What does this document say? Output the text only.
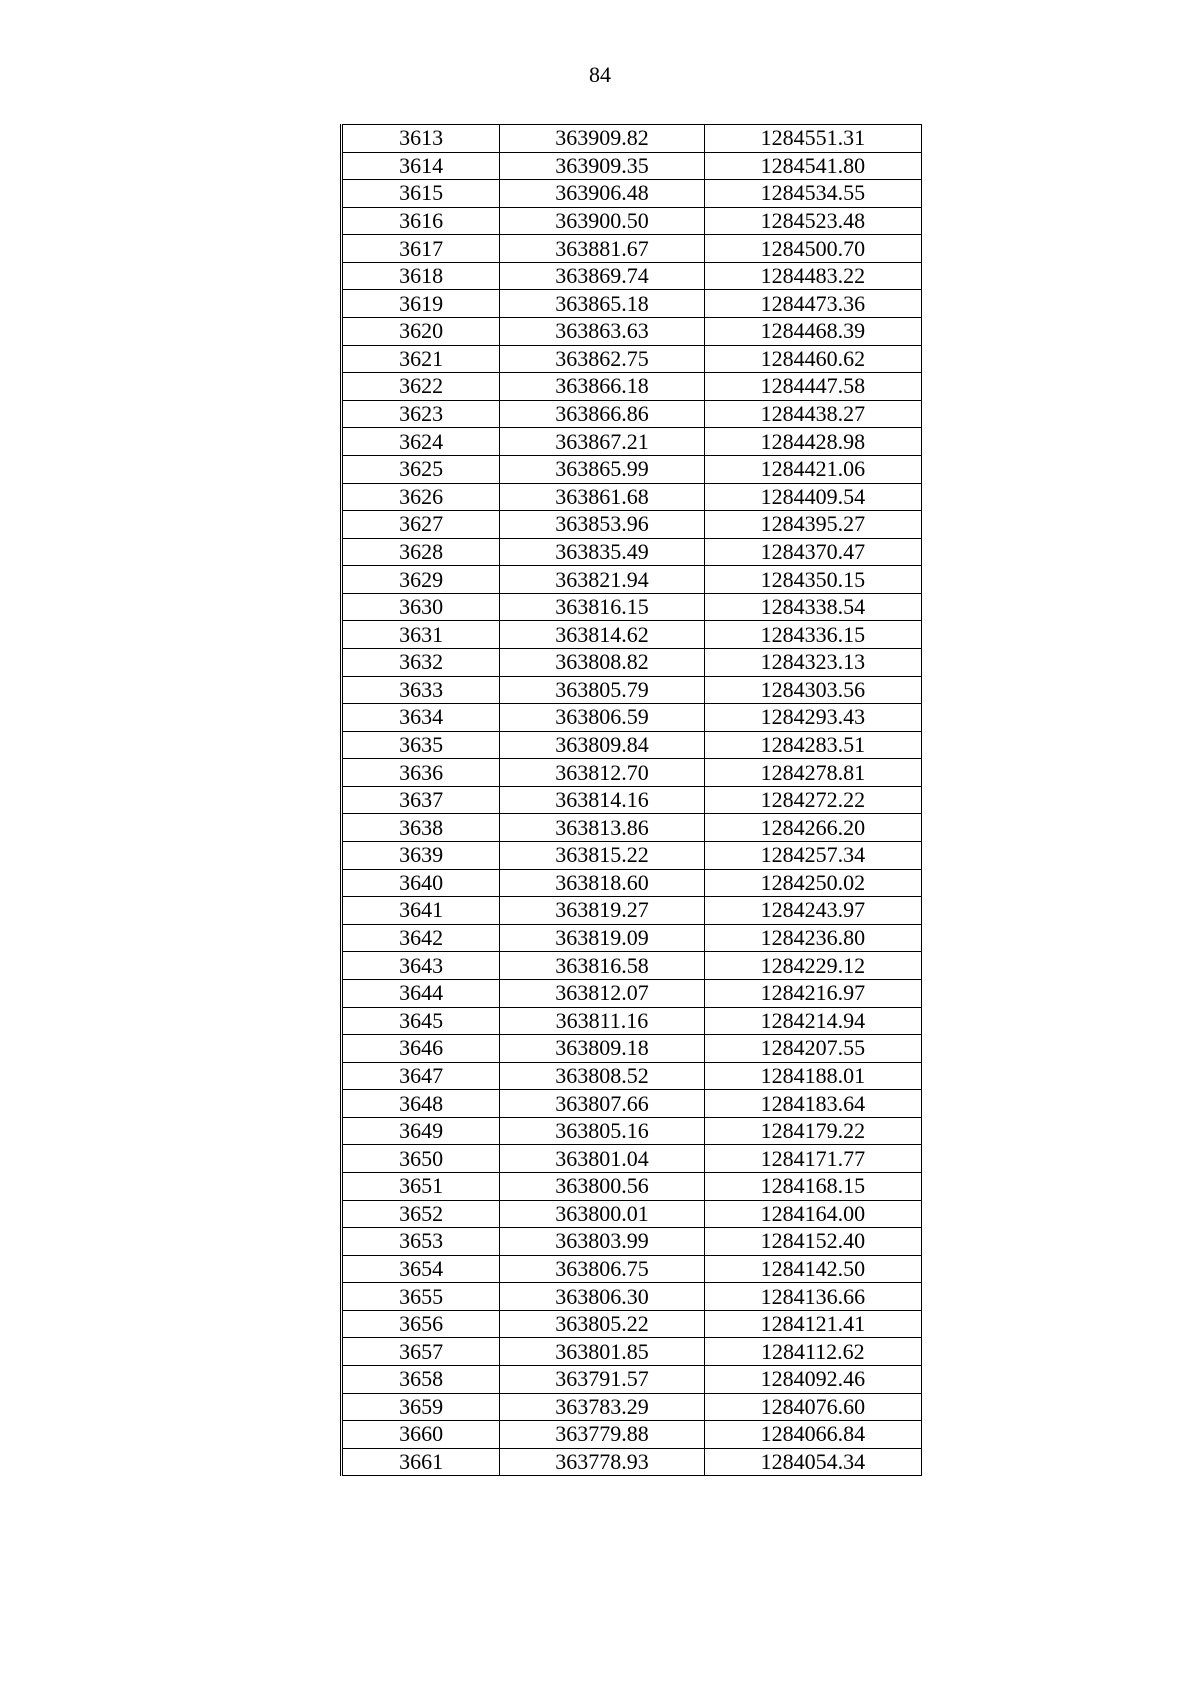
84
3613	363909.82	1284551.31
3614	363909.35	1284541.80
3615	363906.48	1284534.55
3616	363900.50	1284523.48
3617	363881.67	1284500.70
3618	363869.74	1284483.22
3619	363865.18	1284473.36
3620	363863.63	1284468.39
3621	363862.75	1284460.62
3622	363866.18	1284447.58
3623	363866.86	1284438.27
3624	363867.21	1284428.98
3625	363865.99	1284421.06
3626	363861.68	1284409.54
3627	363853.96	1284395.27
3628	363835.49	1284370.47
3629	363821.94	1284350.15
3630	363816.15	1284338.54
3631	363814.62	1284336.15
3632	363808.82	1284323.13
3633	363805.79	1284303.56
3634	363806.59	1284293.43
3635	363809.84	1284283.51
3636	363812.70	1284278.81
3637	363814.16	1284272.22
3638	363813.86	1284266.20
3639	363815.22	1284257.34
3640	363818.60	1284250.02
3641	363819.27	1284243.97
3642	363819.09	1284236.80
3643	363816.58	1284229.12
3644	363812.07	1284216.97
3645	363811.16	1284214.94
3646	363809.18	1284207.55
3647	363808.52	1284188.01
3648	363807.66	1284183.64
3649	363805.16	1284179.22
3650	363801.04	1284171.77
3651	363800.56	1284168.15
3652	363800.01	1284164.00
3653	363803.99	1284152.40
3654	363806.75	1284142.50
3655	363806.30	1284136.66
3656	363805.22	1284121.41
3657	363801.85	1284112.62
3658	363791.57	1284092.46
3659	363783.29	1284076.60
3660	363779.88	1284066.84
3661	363778.93	1284054.34
